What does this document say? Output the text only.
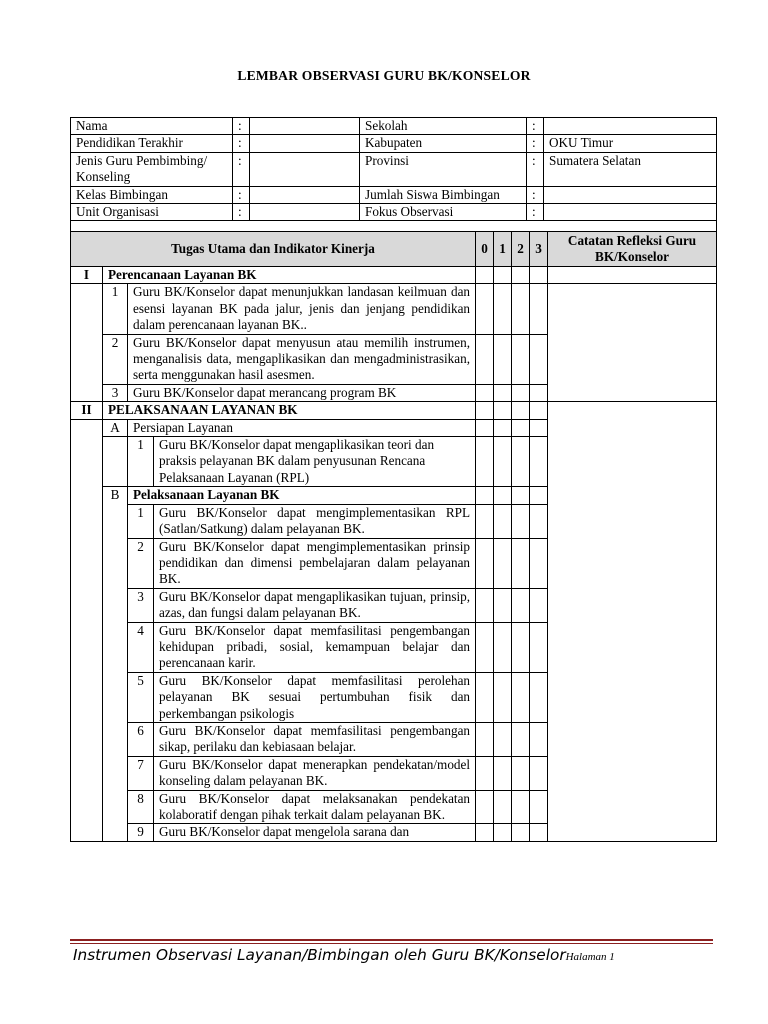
LEMBAR OBSERVASI GURU BK/KONSELOR
Nama	:		Sekolah	:	
Pendidikan Terakhir	:		Kabupaten	:	OKU Timur
Jenis Guru Pembimbing/ Konseling	:		Provinsi	:	Sumatera Selatan
Kelas Bimbingan	:		Jumlah Siswa Bimbingan	:	
Unit Organisasi	:		Fokus Observasi	:	

Tugas Utama dan Indikator Kinerja				0	1	2	3	Catatan Refleksi Guru BK/Konselor
I	Perencanaan Layanan BK							
	1	Guru BK/Konselor dapat menunjukkan landasan keilmuan dan esensi layanan BK pada jalur, jenis dan jenjang pendidikan dalam perencanaan layanan BK..						
	2	Guru BK/Konselor dapat menyusun atau memilih instrumen, menganalisis data, mengaplikasikan dan mengadministrasikan, serta menggunakan hasil asesmen.						
	3	Guru BK/Konselor dapat merancang program BK						
II	PELAKSANAAN LAYANAN BK							
	A	Persiapan Layanan						
		1	Guru BK/Konselor dapat mengaplikasikan teori dan praksis pelayanan BK dalam penyusunan Rencana Pelaksanaan Layanan (RPL)					
	B	Pelaksanaan Layanan BK						
		1	Guru BK/Konselor dapat mengimplementasikan RPL (Satlan/Satkung) dalam pelayanan BK.					
		2	Guru BK/Konselor dapat mengimplementasikan prinsip pendidikan dan dimensi pembelajaran dalam pelayanan BK.					
		3	Guru BK/Konselor dapat mengaplikasikan tujuan, prinsip, azas, dan fungsi dalam pelayanan BK.					
		4	Guru BK/Konselor dapat memfasilitasi pengembangan kehidupan pribadi, sosial, kemampuan belajar dan perencanaan karir.					
		5	Guru BK/Konselor dapat memfasilitasi perolehan pelayanan BK sesuai pertumbuhan fisik dan perkembangan psikologis					
		6	Guru BK/Konselor dapat memfasilitasi pengembangan sikap, perilaku dan kebiasaan belajar.					
		7	Guru BK/Konselor dapat menerapkan pendekatan/model konseling dalam pelayanan BK.					
		8	Guru BK/Konselor dapat melaksanakan pendekatan kolaboratif dengan pihak terkait dalam pelayanan BK.					
		9	Guru BK/Konselor dapat mengelola sarana dan					
Instrumen Observasi Layanan/Bimbingan oleh Guru BK/KonselorHalaman 1
